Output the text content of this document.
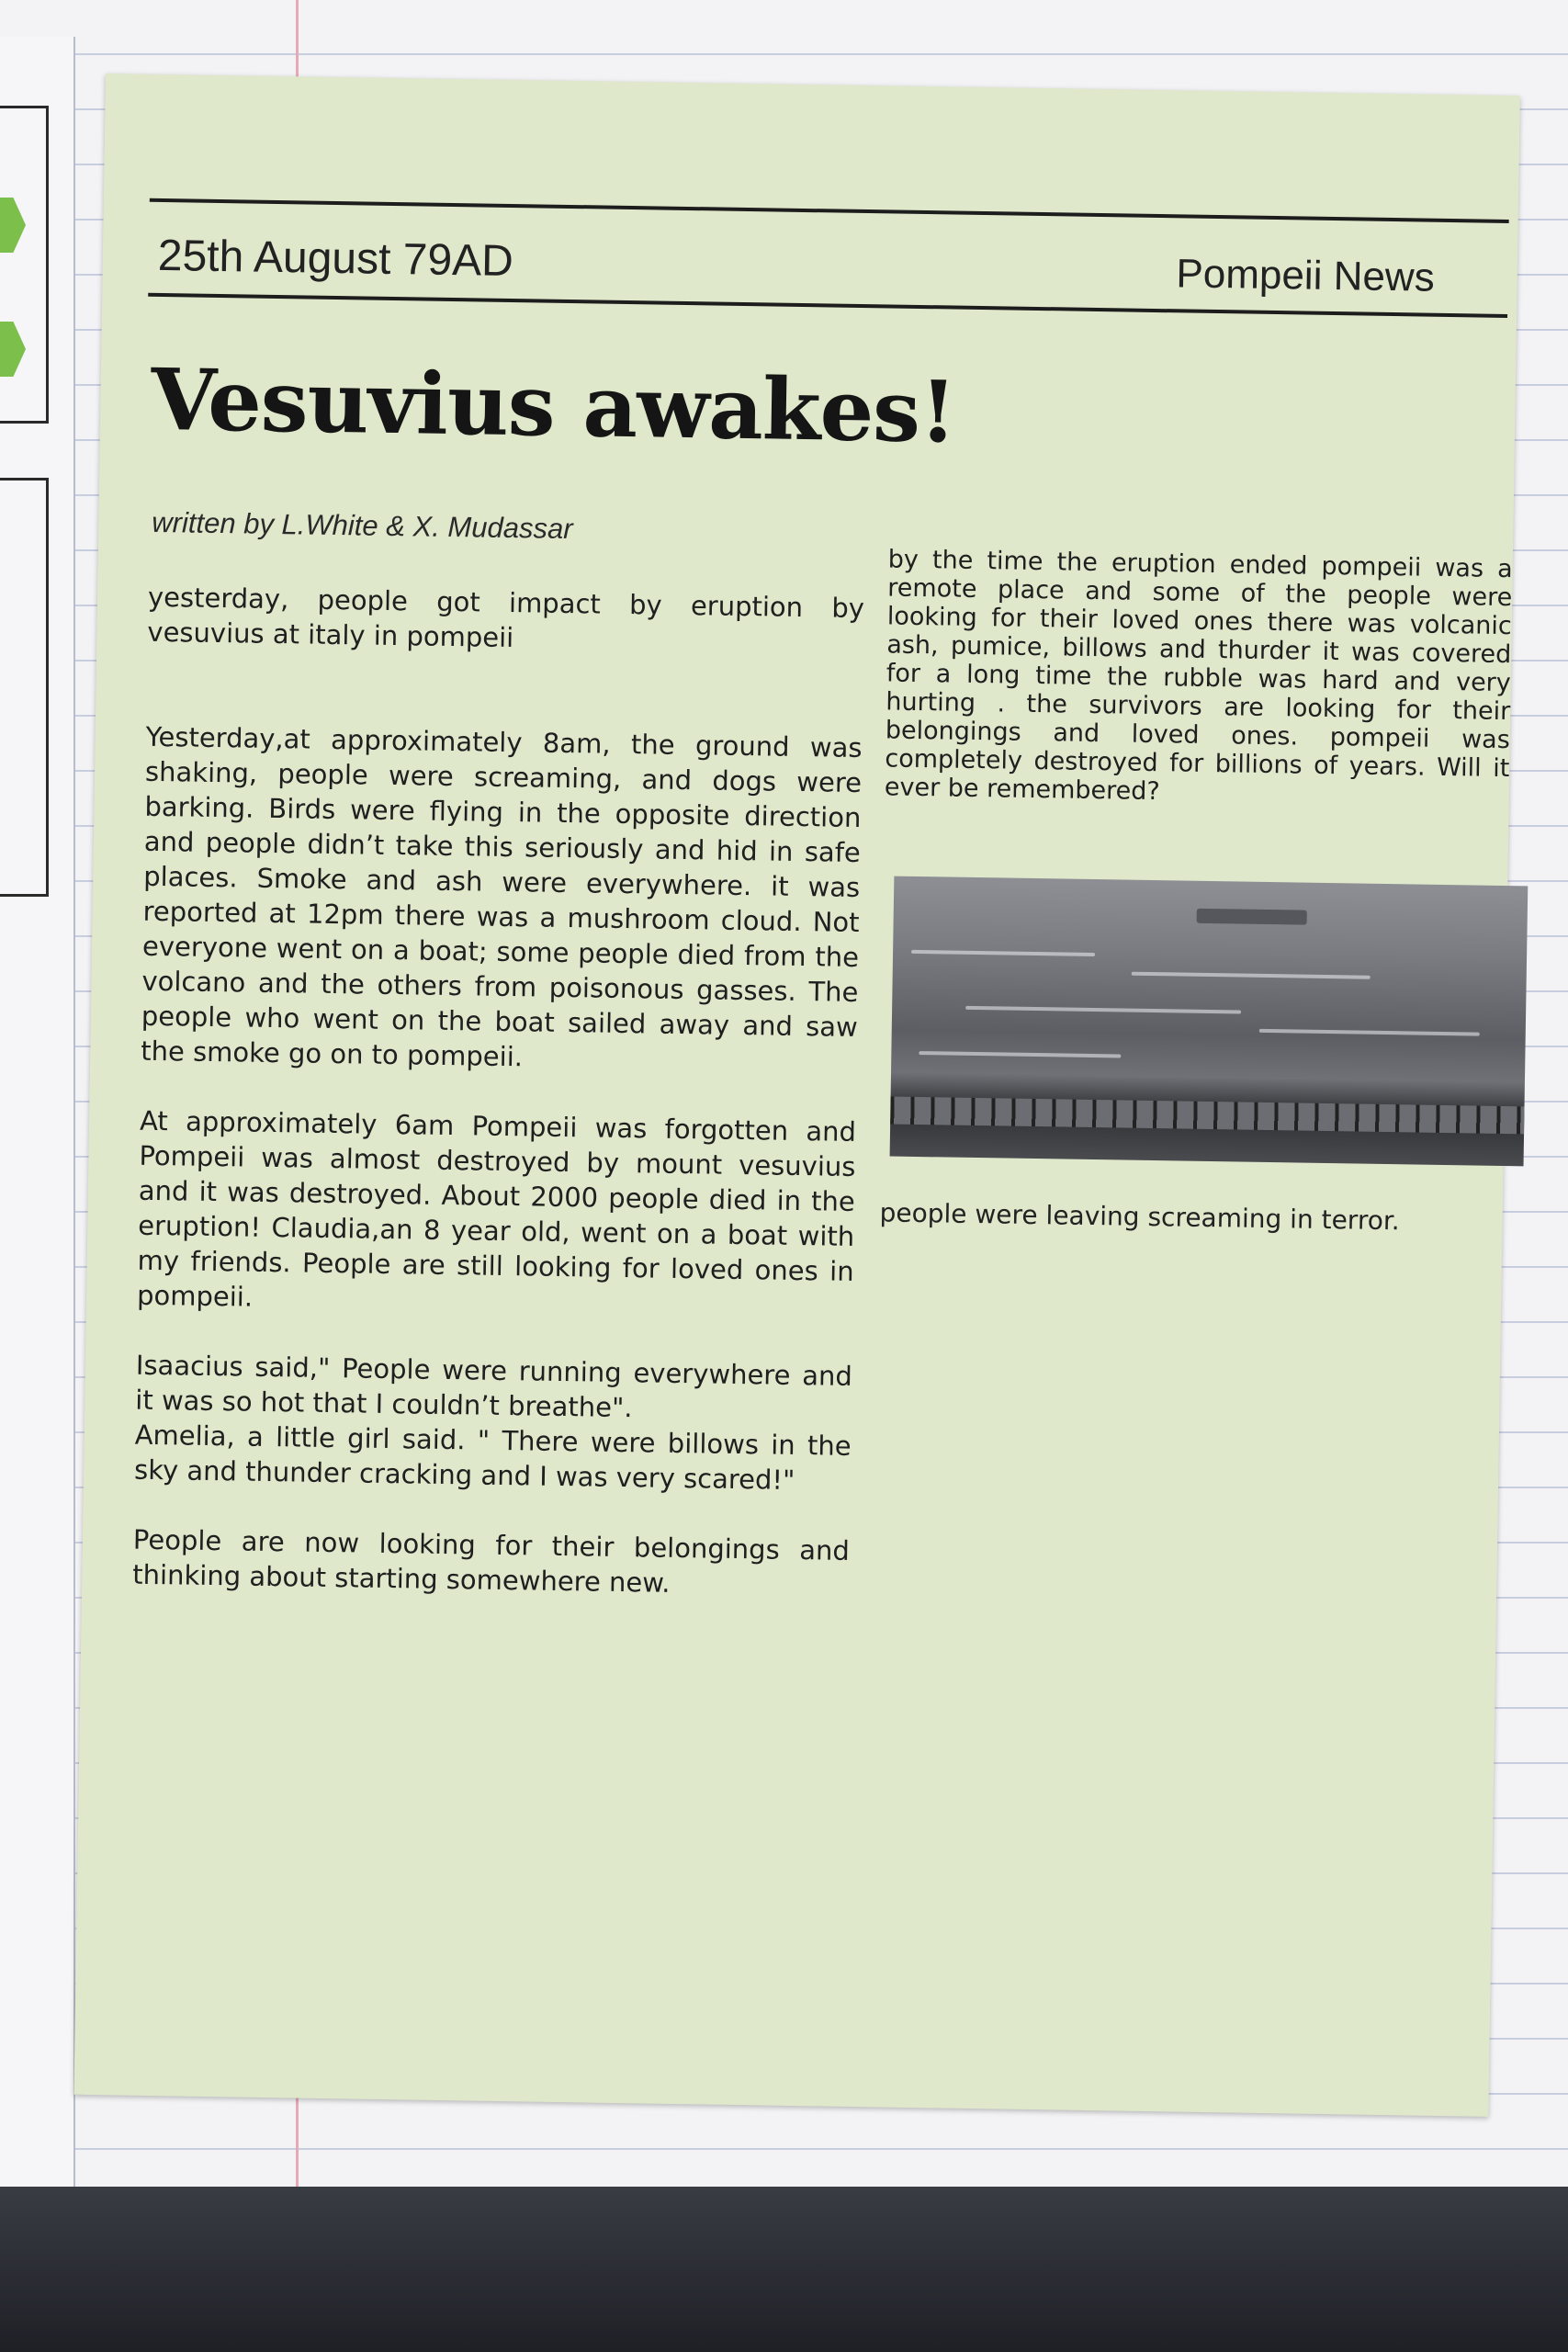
25th August 79AD	Pompeii News
Vesuvius awakes!
written by L.White & X. Mudassar

yesterday, people got impact by eruption by vesuvius at italy in pompeii

Yesterday,at approximately 8am, the ground was shaking, people were screaming, and dogs were barking. Birds were flying in the opposite direction and people didn’t take this seriously and hid in safe places. Smoke and ash were everywhere. it was reported at 12pm there was a mushroom cloud. Not everyone went on a boat; some people died from the volcano and the others from poisonous gasses. The people who went on the boat sailed away and saw the smoke go on to pompeii.

At approximately 6am Pompeii was forgotten and Pompeii was almost destroyed by mount vesuvius and it was destroyed. About 2000 people died in the eruption! Claudia,an 8 year old, went on a boat with my friends. People are still looking for loved ones in pompeii.

Isaacius said," People were running everywhere and it was so hot that I couldn’t breathe".

Amelia, a little girl said. " There were billows in the sky and thunder cracking and I was very scared!"

People are now looking for their belongings and thinking about starting somewhere new.

by the time the eruption ended pompeii was a remote place and some of the people were looking for their loved ones there was volcanic ash, pumice, billows and thurder it was covered for a long time the rubble was hard and very hurting . the survivors are looking for their belongings and loved ones. pompeii was completely destroyed for billions of years. Will it ever be remembered?

people were leaving screaming in terror.
